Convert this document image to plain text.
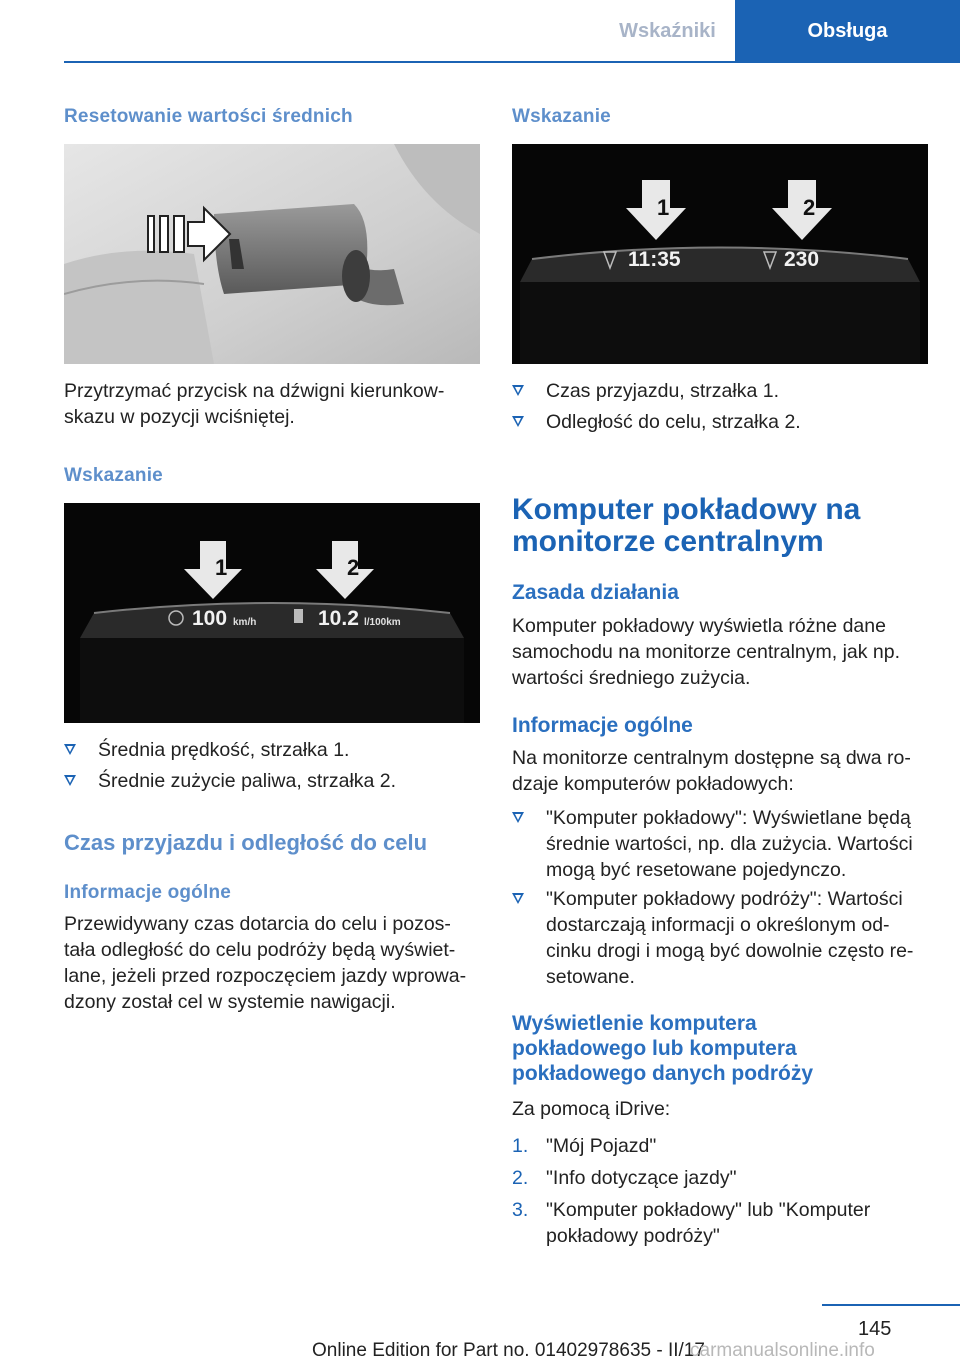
Wskaźniki	Obsługa
Resetowanie wartości średnich
Przytrzymać przycisk na dźwigni kierunkow‐
skazu w pozycji wciśniętej.
Wskazanie
1	2
100 km/h	10.2 l/100km
Średnia prędkość, strzałka 1.
Średnie zużycie paliwa, strzałka 2.
Czas przyjazdu i odległość do celu
Informacje ogólne
Przewidywany czas dotarcia do celu i pozos‐
tała odległość do celu podróży będą wyświet‐
lane, jeżeli przed rozpoczęciem jazdy wprowa‐
dzony został cel w systemie nawigacji.
Wskazanie
1	2
11:35	230
Czas przyjazdu, strzałka 1.
Odległość do celu, strzałka 2.
Komputer pokładowy na
monitorze centralnym
Zasada działania
Komputer pokładowy wyświetla różne dane
samochodu na monitorze centralnym, jak np.
wartości średniego zużycia.
Informacje ogólne
Na monitorze centralnym dostępne są dwa ro‐
dzaje komputerów pokładowych:
"Komputer pokładowy": Wyświetlane będą
średnie wartości, np. dla zużycia. Wartości
mogą być resetowane pojedynczo.
"Komputer pokładowy podróży": Wartości
dostarczają informacji o określonym od‐
cinku drogi i mogą być dowolnie często re‐
setowane.
Wyświetlenie komputera
pokładowego lub komputera
pokładowego danych podróży
Za pomocą iDrive:
1. "Mój Pojazd"
2. "Info dotyczące jazdy"
3. "Komputer pokładowy" lub "Komputer
pokładowy podróży"
145
Online Edition for Part no. 01402978635 - II/17
carmanualsonline.info
